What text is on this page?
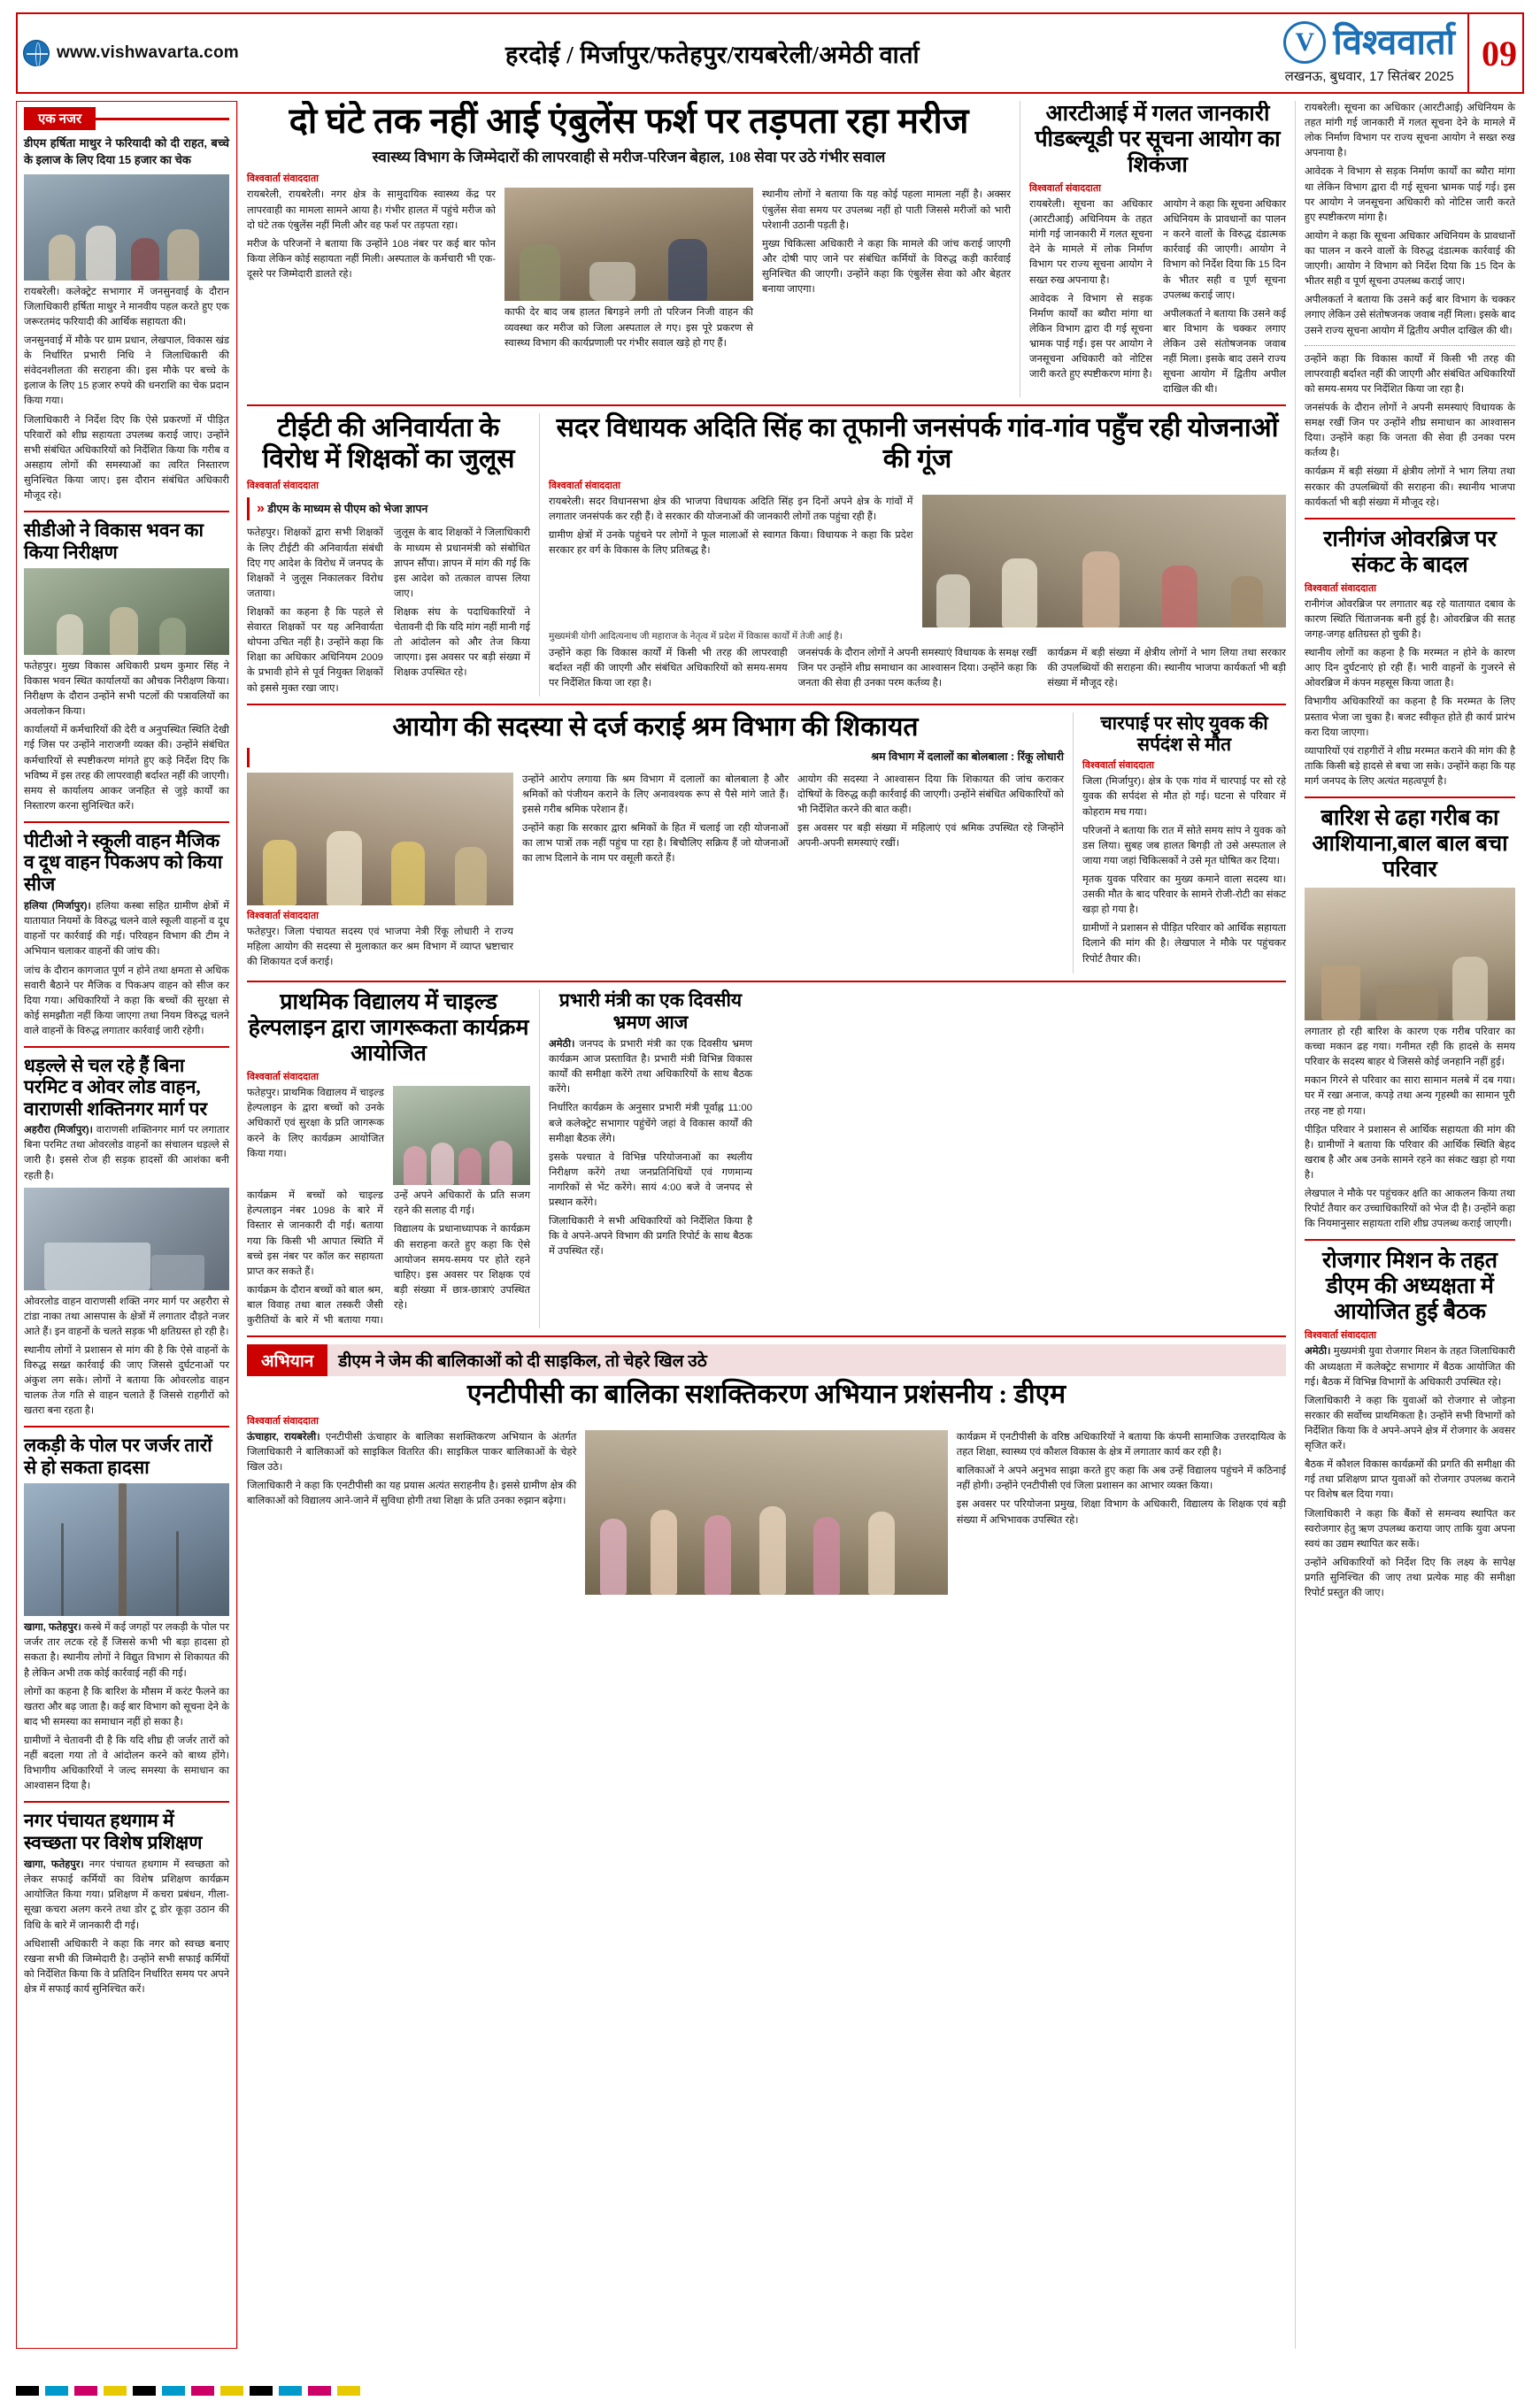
www.vishwavarta.com	हरदोई / मिर्जापुर/फतेहपुर/रायबरेली/अमेठी वार्ता	V विश्ववार्ता
लखनऊ, बुधवार, 17 सितंबर 2025
09
एक नजर
डीएम हर्षिता माथुर ने फरियादी को दी राहत, बच्चे के इलाज के लिए दिया 15 हजार का चेक

रायबरेली। कलेक्ट्रेट सभागार में जनसुनवाई के दौरान जिलाधिकारी हर्षिता माथुर ने मानवीय पहल करते हुए एक जरूरतमंद फरियादी की आर्थिक सहायता की।

जनसुनवाई में मौके पर ग्राम प्रधान, लेखपाल, विकास खंड के निर्धारित प्रभारी निधि ने जिलाधिकारी की संवेदनशीलता की सराहना की। इस मौके पर बच्चे के इलाज के लिए 15 हजार रुपये की धनराशि का चेक प्रदान किया गया।

जिलाधिकारी ने निर्देश दिए कि ऐसे प्रकरणों में पीड़ित परिवारों को शीघ्र सहायता उपलब्ध कराई जाए। उन्होंने सभी संबंधित अधिकारियों को निर्देशित किया कि गरीब व असहाय लोगों की समस्याओं का त्वरित निस्तारण सुनिश्चित किया जाए। इस दौरान संबंधित अधिकारी मौजूद रहे।

सीडीओ ने विकास भवन का किया निरीक्षण

फतेहपुर। मुख्य विकास अधिकारी प्रथम कुमार सिंह ने विकास भवन स्थित कार्यालयों का औचक निरीक्षण किया। निरीक्षण के दौरान उन्होंने सभी पटलों की पत्रावलियों का अवलोकन किया।

कार्यालयों में कर्मचारियों की देरी व अनुपस्थित स्थिति देखी गई जिस पर उन्होंने नाराजगी व्यक्त की। उन्होंने संबंधित कर्मचारियों से स्पष्टीकरण मांगते हुए कड़े निर्देश दिए कि भविष्य में इस तरह की लापरवाही बर्दाश्त नहीं की जाएगी। समय से कार्यालय आकर जनहित से जुड़े कार्यों का निस्तारण करना सुनिश्चित करें।

पीटीओ ने स्कूली वाहन मैजिक व दूध वाहन पिकअप को किया सीज

हलिया (मिर्जापुर)। हलिया कस्बा सहित ग्रामीण क्षेत्रों में यातायात नियमों के विरुद्ध चलने वाले स्कूली वाहनों व दूध वाहनों पर कार्रवाई की गई। परिवहन विभाग की टीम ने अभियान चलाकर वाहनों की जांच की।

जांच के दौरान कागजात पूर्ण न होने तथा क्षमता से अधिक सवारी बैठाने पर मैजिक व पिकअप वाहन को सीज कर दिया गया। अधिकारियों ने कहा कि बच्चों की सुरक्षा से कोई समझौता नहीं किया जाएगा तथा नियम विरुद्ध चलने वाले वाहनों के विरुद्ध लगातार कार्रवाई जारी रहेगी।

धड़ल्ले से चल रहे हैं बिना परमिट व ओवर लोड वाहन, वाराणसी शक्तिनगर मार्ग पर

अहरौरा (मिर्जापुर)। वाराणसी शक्तिनगर मार्ग पर लगातार बिना परमिट तथा ओवरलोड वाहनों का संचालन धड़ल्ले से जारी है। इससे रोज ही सड़क हादसों की आशंका बनी रहती है।

ओवरलोड वाहन वाराणसी शक्ति नगर मार्ग पर अहरौरा से टांडा नाका तथा आसपास के क्षेत्रों में लगातार दौड़ते नजर आते हैं। इन वाहनों के चलते सड़क भी क्षतिग्रस्त हो रही है।

स्थानीय लोगों ने प्रशासन से मांग की है कि ऐसे वाहनों के विरुद्ध सख्त कार्रवाई की जाए जिससे दुर्घटनाओं पर अंकुश लग सके। लोगों ने बताया कि ओवरलोड वाहन चालक तेज गति से वाहन चलाते हैं जिससे राहगीरों को खतरा बना रहता है।

लकड़ी के पोल पर जर्जर तारों से हो सकता हादसा

खागा, फतेहपुर। कस्बे में कई जगहों पर लकड़ी के पोल पर जर्जर तार लटक रहे हैं जिससे कभी भी बड़ा हादसा हो सकता है। स्थानीय लोगों ने विद्युत विभाग से शिकायत की है लेकिन अभी तक कोई कार्रवाई नहीं की गई।

लोगों का कहना है कि बारिश के मौसम में करंट फैलने का खतरा और बढ़ जाता है। कई बार विभाग को सूचना देने के बाद भी समस्या का समाधान नहीं हो सका है।

ग्रामीणों ने चेतावनी दी है कि यदि शीघ्र ही जर्जर तारों को नहीं बदला गया तो वे आंदोलन करने को बाध्य होंगे। विभागीय अधिकारियों ने जल्द समस्या के समाधान का आश्वासन दिया है।

नगर पंचायत हथगाम में स्वच्छता पर विशेष प्रशिक्षण

खागा, फतेहपुर। नगर पंचायत हथगाम में स्वच्छता को लेकर सफाई कर्मियों का विशेष प्रशिक्षण कार्यक्रम आयोजित किया गया। प्रशिक्षण में कचरा प्रबंधन, गीला-सूखा कचरा अलग करने तथा डोर टू डोर कूड़ा उठान की विधि के बारे में जानकारी दी गई।

अधिशासी अधिकारी ने कहा कि नगर को स्वच्छ बनाए रखना सभी की जिम्मेदारी है। उन्होंने सभी सफाई कर्मियों को निर्देशित किया कि वे प्रतिदिन निर्धारित समय पर अपने क्षेत्र में सफाई कार्य सुनिश्चित करें।

दो घंटे तक नहीं आई एंबुलेंस फर्श पर तड़पता रहा मरीज
स्वास्थ्य विभाग के जिम्मेदारों की लापरवाही से मरीज-परिजन बेहाल, 108 सेवा पर उठे गंभीर सवाल
विश्ववार्ता संवाददाता

रायबरेली, रायबरेली। नगर क्षेत्र के सामुदायिक स्वास्थ्य केंद्र पर लापरवाही का मामला सामने आया है। गंभीर हालत में पहुंचे मरीज को दो घंटे तक एंबुलेंस नहीं मिली और वह फर्श पर तड़पता रहा।

मरीज के परिजनों ने बताया कि उन्होंने 108 नंबर पर कई बार फोन किया लेकिन कोई सहायता नहीं मिली। अस्पताल के कर्मचारी भी एक-दूसरे पर जिम्मेदारी डालते रहे।

काफी देर बाद जब हालत बिगड़ने लगी तो परिजन निजी वाहन की व्यवस्था कर मरीज को जिला अस्पताल ले गए। इस पूरे प्रकरण से स्वास्थ्य विभाग की कार्यप्रणाली पर गंभीर सवाल खड़े हो गए हैं।

स्थानीय लोगों ने बताया कि यह कोई पहला मामला नहीं है। अक्सर एंबुलेंस सेवा समय पर उपलब्ध नहीं हो पाती जिससे मरीजों को भारी परेशानी उठानी पड़ती है।

मुख्य चिकित्सा अधिकारी ने कहा कि मामले की जांच कराई जाएगी और दोषी पाए जाने पर संबंधित कर्मियों के विरुद्ध कड़ी कार्रवाई सुनिश्चित की जाएगी। उन्होंने कहा कि एंबुलेंस सेवा को और बेहतर बनाया जाएगा।

आरटीआई में गलत जानकारी पीडब्ल्यूडी पर सूचना आयोग का शिकंजा
विश्ववार्ता संवाददाता

रायबरेली। सूचना का अधिकार (आरटीआई) अधिनियम के तहत मांगी गई जानकारी में गलत सूचना देने के मामले में लोक निर्माण विभाग पर राज्य सूचना आयोग ने सख्त रुख अपनाया है।

आवेदक ने विभाग से सड़क निर्माण कार्यों का ब्यौरा मांगा था लेकिन विभाग द्वारा दी गई सूचना भ्रामक पाई गई। इस पर आयोग ने जनसूचना अधिकारी को नोटिस जारी करते हुए स्पष्टीकरण मांगा है।

आयोग ने कहा कि सूचना अधिकार अधिनियम के प्रावधानों का पालन न करने वालों के विरुद्ध दंडात्मक कार्रवाई की जाएगी। आयोग ने विभाग को निर्देश दिया कि 15 दिन के भीतर सही व पूर्ण सूचना उपलब्ध कराई जाए।

अपीलकर्ता ने बताया कि उसने कई बार विभाग के चक्कर लगाए लेकिन उसे संतोषजनक जवाब नहीं मिला। इसके बाद उसने राज्य सूचना आयोग में द्वितीय अपील दाखिल की थी।

टीईटी की अनिवार्यता के विरोध में शिक्षकों का जुलूस
विश्ववार्ता संवाददाता
» डीएम के माध्यम से पीएम को भेजा ज्ञापन

फतेहपुर। शिक्षकों द्वारा सभी शिक्षकों के लिए टीईटी की अनिवार्यता संबंधी दिए गए आदेश के विरोध में जनपद के शिक्षकों ने जुलूस निकालकर विरोध जताया।

शिक्षकों का कहना है कि पहले से सेवारत शिक्षकों पर यह अनिवार्यता थोपना उचित नहीं है। उन्होंने कहा कि शिक्षा का अधिकार अधिनियम 2009 के प्रभावी होने से पूर्व नियुक्त शिक्षकों को इससे मुक्त रखा जाए।

जुलूस के बाद शिक्षकों ने जिलाधिकारी के माध्यम से प्रधानमंत्री को संबोधित ज्ञापन सौंपा। ज्ञापन में मांग की गई कि इस आदेश को तत्काल वापस लिया जाए।

शिक्षक संघ के पदाधिकारियों ने चेतावनी दी कि यदि मांग नहीं मानी गई तो आंदोलन को और तेज किया जाएगा। इस अवसर पर बड़ी संख्या में शिक्षक उपस्थित रहे।

सदर विधायक अदिति सिंह का तूफानी जनसंपर्क गांव-गांव पहुँच रही योजनाओं की गूंज
विश्ववार्ता संवाददाता

रायबरेली। सदर विधानसभा क्षेत्र की भाजपा विधायक अदिति सिंह इन दिनों अपने क्षेत्र के गांवों में लगातार जनसंपर्क कर रही हैं। वे सरकार की योजनाओं की जानकारी लोगों तक पहुंचा रही हैं।

ग्रामीण क्षेत्रों में उनके पहुंचने पर लोगों ने फूल मालाओं से स्वागत किया। विधायक ने कहा कि प्रदेश सरकार हर वर्ग के विकास के लिए प्रतिबद्ध है।

मुख्यमंत्री योगी आदित्यनाथ जी महाराज के नेतृत्व में प्रदेश में विकास कार्यों में तेजी आई है।

उन्होंने कहा कि विकास कार्यों में किसी भी तरह की लापरवाही बर्दाश्त नहीं की जाएगी और संबंधित अधिकारियों को समय-समय पर निर्देशित किया जा रहा है।

जनसंपर्क के दौरान लोगों ने अपनी समस्याएं विधायक के समक्ष रखीं जिन पर उन्होंने शीघ्र समाधान का आश्वासन दिया। उन्होंने कहा कि जनता की सेवा ही उनका परम कर्तव्य है।

कार्यक्रम में बड़ी संख्या में क्षेत्रीय लोगों ने भाग लिया तथा सरकार की उपलब्धियों की सराहना की। स्थानीय भाजपा कार्यकर्ता भी बड़ी संख्या में मौजूद रहे।

आयोग की सदस्या से दर्ज कराई श्रम विभाग की शिकायत
श्रम विभाग में दलालों का बोलबाला : रिंकू लोधारी
विश्ववार्ता संवाददाता

फतेहपुर। जिला पंचायत सदस्य एवं भाजपा नेत्री रिंकू लोधारी ने राज्य महिला आयोग की सदस्या से मुलाकात कर श्रम विभाग में व्याप्त भ्रष्टाचार की शिकायत दर्ज कराई।

उन्होंने आरोप लगाया कि श्रम विभाग में दलालों का बोलबाला है और श्रमिकों को पंजीयन कराने के लिए अनावश्यक रूप से पैसे मांगे जाते हैं। इससे गरीब श्रमिक परेशान हैं।

उन्होंने कहा कि सरकार द्वारा श्रमिकों के हित में चलाई जा रही योजनाओं का लाभ पात्रों तक नहीं पहुंच पा रहा है। बिचौलिए सक्रिय हैं जो योजनाओं का लाभ दिलाने के नाम पर वसूली करते हैं।

आयोग की सदस्या ने आश्वासन दिया कि शिकायत की जांच कराकर दोषियों के विरुद्ध कड़ी कार्रवाई की जाएगी। उन्होंने संबंधित अधिकारियों को भी निर्देशित करने की बात कही।

इस अवसर पर बड़ी संख्या में महिलाएं एवं श्रमिक उपस्थित रहे जिन्होंने अपनी-अपनी समस्याएं रखीं।

चारपाई पर सोए युवक की सर्पदंश से मौत
विश्ववार्ता संवाददाता

जिला (मिर्जापुर)। क्षेत्र के एक गांव में चारपाई पर सो रहे युवक की सर्पदंश से मौत हो गई। घटना से परिवार में कोहराम मच गया।

परिजनों ने बताया कि रात में सोते समय सांप ने युवक को डस लिया। सुबह जब हालत बिगड़ी तो उसे अस्पताल ले जाया गया जहां चिकित्सकों ने उसे मृत घोषित कर दिया।

मृतक युवक परिवार का मुख्य कमाने वाला सदस्य था। उसकी मौत के बाद परिवार के सामने रोजी-रोटी का संकट खड़ा हो गया है।

ग्रामीणों ने प्रशासन से पीड़ित परिवार को आर्थिक सहायता दिलाने की मांग की है। लेखपाल ने मौके पर पहुंचकर रिपोर्ट तैयार की।

प्राथमिक विद्यालय में चाइल्ड हेल्पलाइन द्वारा जागरूकता कार्यक्रम आयोजित
विश्ववार्ता संवाददाता

फतेहपुर। प्राथमिक विद्यालय में चाइल्ड हेल्पलाइन के द्वारा बच्चों को उनके अधिकारों एवं सुरक्षा के प्रति जागरूक करने के लिए कार्यक्रम आयोजित किया गया।

कार्यक्रम में बच्चों को चाइल्ड हेल्पलाइन नंबर 1098 के बारे में विस्तार से जानकारी दी गई। बताया गया कि किसी भी आपात स्थिति में बच्चे इस नंबर पर कॉल कर सहायता प्राप्त कर सकते हैं।

कार्यक्रम के दौरान बच्चों को बाल श्रम, बाल विवाह तथा बाल तस्करी जैसी कुरीतियों के बारे में भी बताया गया। उन्हें अपने अधिकारों के प्रति सजग रहने की सलाह दी गई।

विद्यालय के प्रधानाध्यापक ने कार्यक्रम की सराहना करते हुए कहा कि ऐसे आयोजन समय-समय पर होते रहने चाहिए। इस अवसर पर शिक्षक एवं बड़ी संख्या में छात्र-छात्राएं उपस्थित रहे।

प्रभारी मंत्री का एक दिवसीय भ्रमण आज

अमेठी। जनपद के प्रभारी मंत्री का एक दिवसीय भ्रमण कार्यक्रम आज प्रस्तावित है। प्रभारी मंत्री विभिन्न विकास कार्यों की समीक्षा करेंगे तथा अधिकारियों के साथ बैठक करेंगे।

निर्धारित कार्यक्रम के अनुसार प्रभारी मंत्री पूर्वाह्न 11:00 बजे कलेक्ट्रेट सभागार पहुंचेंगे जहां वे विकास कार्यों की समीक्षा बैठक लेंगे।

इसके पश्चात वे विभिन्न परियोजनाओं का स्थलीय निरीक्षण करेंगे तथा जनप्रतिनिधियों एवं गणमान्य नागरिकों से भेंट करेंगे। सायं 4:00 बजे वे जनपद से प्रस्थान करेंगे।

जिलाधिकारी ने सभी अधिकारियों को निर्देशित किया है कि वे अपने-अपने विभाग की प्रगति रिपोर्ट के साथ बैठक में उपस्थित रहें।

अभियान	डीएम ने जेम की बालिकाओं को दी साइकिल, तो चेहरे खिल उठे
एनटीपीसी का बालिका सशक्तिकरण अभियान प्रशंसनीय : डीएम
विश्ववार्ता संवाददाता

ऊंचाहार, रायबरेली। एनटीपीसी ऊंचाहार के बालिका सशक्तिकरण अभियान के अंतर्गत जिलाधिकारी ने बालिकाओं को साइकिल वितरित की। साइकिल पाकर बालिकाओं के चेहरे खिल उठे।

जिलाधिकारी ने कहा कि एनटीपीसी का यह प्रयास अत्यंत सराहनीय है। इससे ग्रामीण क्षेत्र की बालिकाओं को विद्यालय आने-जाने में सुविधा होगी तथा शिक्षा के प्रति उनका रुझान बढ़ेगा।

कार्यक्रम में एनटीपीसी के वरिष्ठ अधिकारियों ने बताया कि कंपनी सामाजिक उत्तरदायित्व के तहत शिक्षा, स्वास्थ्य एवं कौशल विकास के क्षेत्र में लगातार कार्य कर रही है।

बालिकाओं ने अपने अनुभव साझा करते हुए कहा कि अब उन्हें विद्यालय पहुंचने में कठिनाई नहीं होगी। उन्होंने एनटीपीसी एवं जिला प्रशासन का आभार व्यक्त किया।

इस अवसर पर परियोजना प्रमुख, शिक्षा विभाग के अधिकारी, विद्यालय के शिक्षक एवं बड़ी संख्या में अभिभावक उपस्थित रहे।

रायबरेली। सूचना का अधिकार (आरटीआई) अधिनियम के तहत मांगी गई जानकारी में गलत सूचना देने के मामले में लोक निर्माण विभाग पर राज्य सूचना आयोग ने सख्त रुख अपनाया है।

आवेदक ने विभाग से सड़क निर्माण कार्यों का ब्यौरा मांगा था लेकिन विभाग द्वारा दी गई सूचना भ्रामक पाई गई। इस पर आयोग ने जनसूचना अधिकारी को नोटिस जारी करते हुए स्पष्टीकरण मांगा है।

आयोग ने कहा कि सूचना अधिकार अधिनियम के प्रावधानों का पालन न करने वालों के विरुद्ध दंडात्मक कार्रवाई की जाएगी। आयोग ने विभाग को निर्देश दिया कि 15 दिन के भीतर सही व पूर्ण सूचना उपलब्ध कराई जाए।

अपीलकर्ता ने बताया कि उसने कई बार विभाग के चक्कर लगाए लेकिन उसे संतोषजनक जवाब नहीं मिला। इसके बाद उसने राज्य सूचना आयोग में द्वितीय अपील दाखिल की थी।

उन्होंने कहा कि विकास कार्यों में किसी भी तरह की लापरवाही बर्दाश्त नहीं की जाएगी और संबंधित अधिकारियों को समय-समय पर निर्देशित किया जा रहा है।

जनसंपर्क के दौरान लोगों ने अपनी समस्याएं विधायक के समक्ष रखीं जिन पर उन्होंने शीघ्र समाधान का आश्वासन दिया। उन्होंने कहा कि जनता की सेवा ही उनका परम कर्तव्य है।

कार्यक्रम में बड़ी संख्या में क्षेत्रीय लोगों ने भाग लिया तथा सरकार की उपलब्धियों की सराहना की। स्थानीय भाजपा कार्यकर्ता भी बड़ी संख्या में मौजूद रहे।

रानीगंज ओवरब्रिज पर संकट के बादल
विश्ववार्ता संवाददाता

रानीगंज ओवरब्रिज पर लगातार बढ़ रहे यातायात दबाव के कारण स्थिति चिंताजनक बनी हुई है। ओवरब्रिज की सतह जगह-जगह क्षतिग्रस्त हो चुकी है।

स्थानीय लोगों का कहना है कि मरम्मत न होने के कारण आए दिन दुर्घटनाएं हो रही हैं। भारी वाहनों के गुजरने से ओवरब्रिज में कंपन महसूस किया जाता है।

विभागीय अधिकारियों का कहना है कि मरम्मत के लिए प्रस्ताव भेजा जा चुका है। बजट स्वीकृत होते ही कार्य प्रारंभ करा दिया जाएगा।

व्यापारियों एवं राहगीरों ने शीघ्र मरम्मत कराने की मांग की है ताकि किसी बड़े हादसे से बचा जा सके। उन्होंने कहा कि यह मार्ग जनपद के लिए अत्यंत महत्वपूर्ण है।

बारिश से ढहा गरीब का आशियाना,बाल बाल बचा परिवार

लगातार हो रही बारिश के कारण एक गरीब परिवार का कच्चा मकान ढह गया। गनीमत रही कि हादसे के समय परिवार के सदस्य बाहर थे जिससे कोई जनहानि नहीं हुई।

मकान गिरने से परिवार का सारा सामान मलबे में दब गया। घर में रखा अनाज, कपड़े तथा अन्य गृहस्थी का सामान पूरी तरह नष्ट हो गया।

पीड़ित परिवार ने प्रशासन से आर्थिक सहायता की मांग की है। ग्रामीणों ने बताया कि परिवार की आर्थिक स्थिति बेहद खराब है और अब उनके सामने रहने का संकट खड़ा हो गया है।

लेखपाल ने मौके पर पहुंचकर क्षति का आकलन किया तथा रिपोर्ट तैयार कर उच्चाधिकारियों को भेज दी है। उन्होंने कहा कि नियमानुसार सहायता राशि शीघ्र उपलब्ध कराई जाएगी।

रोजगार मिशन के तहत डीएम की अध्यक्षता में आयोजित हुई बैठक
विश्ववार्ता संवाददाता

अमेठी। मुख्यमंत्री युवा रोजगार मिशन के तहत जिलाधिकारी की अध्यक्षता में कलेक्ट्रेट सभागार में बैठक आयोजित की गई। बैठक में विभिन्न विभागों के अधिकारी उपस्थित रहे।

जिलाधिकारी ने कहा कि युवाओं को रोजगार से जोड़ना सरकार की सर्वोच्च प्राथमिकता है। उन्होंने सभी विभागों को निर्देशित किया कि वे अपने-अपने क्षेत्र में रोजगार के अवसर सृजित करें।

बैठक में कौशल विकास कार्यक्रमों की प्रगति की समीक्षा की गई तथा प्रशिक्षण प्राप्त युवाओं को रोजगार उपलब्ध कराने पर विशेष बल दिया गया।

जिलाधिकारी ने कहा कि बैंकों से समन्वय स्थापित कर स्वरोजगार हेतु ऋण उपलब्ध कराया जाए ताकि युवा अपना स्वयं का उद्यम स्थापित कर सकें।

उन्होंने अधिकारियों को निर्देश दिए कि लक्ष्य के सापेक्ष प्रगति सुनिश्चित की जाए तथा प्रत्येक माह की समीक्षा रिपोर्ट प्रस्तुत की जाए।
